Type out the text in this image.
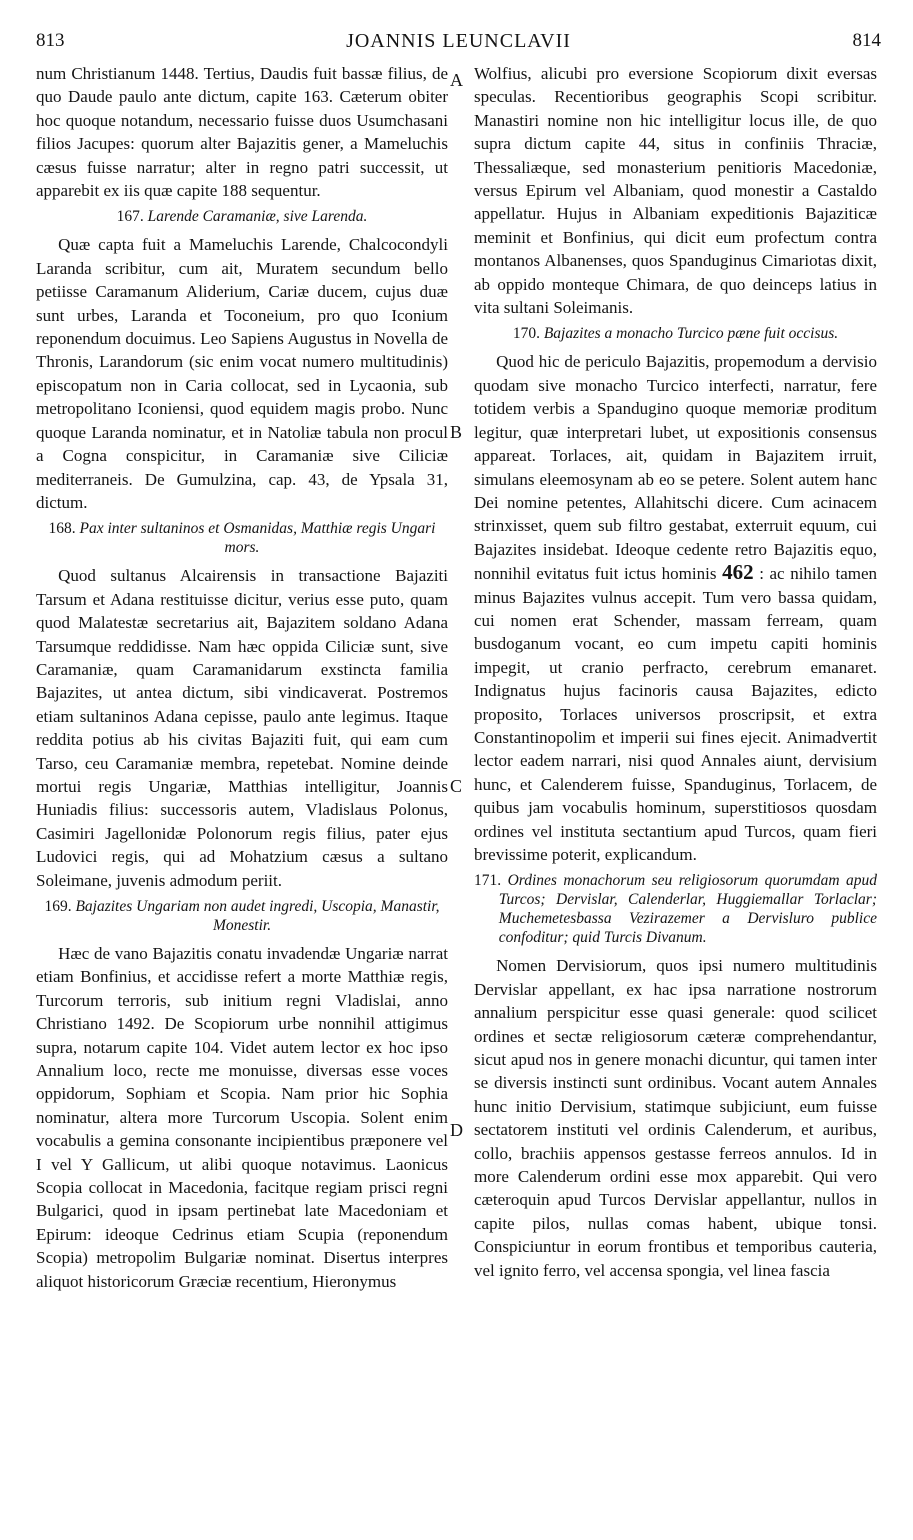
813	JOANNIS LEUNCLAVII	814
A
B
C
D

num Christianum 1448. Tertius, Daudis fuit bassæ filius, de quo Daude paulo ante dictum, capite 163. Cæterum obiter hoc quoque notandum, necessario fuisse duos Usumchasani filios Jacupes: quorum alter Bajazitis gener, a Mameluchis cæsus fuisse narratur; alter in regno patri successit, ut apparebit ex iis quæ capite 188 sequentur.

167. Larende Caramaniæ, sive Larenda.

Quæ capta fuit a Mameluchis Larende, Chalcocondyli Laranda scribitur, cum ait, Muratem secundum bello petiisse Caramanum Aliderium, Cariæ ducem, cujus duæ sunt urbes, Laranda et Toconeium, pro quo Iconium reponendum docuimus. Leo Sapiens Augustus in Novella de Thronis, Larandorum (sic enim vocat numero multitudinis) episcopatum non in Caria collocat, sed in Lycaonia, sub metropolitano Iconiensi, quod equidem magis probo. Nunc quoque Laranda nominatur, et in Natoliæ tabula non procul a Cogna conspicitur, in Caramaniæ sive Ciliciæ mediterraneis. De Gumulzina, cap. 43, de Ypsala 31, dictum.

168. Pax inter sultaninos et Osmanidas, Matthiæ regis Ungari mors.

Quod sultanus Alcairensis in transactione Bajaziti Tarsum et Adana restituisse dicitur, verius esse puto, quam quod Malatestæ secretarius ait, Bajazitem soldano Adana Tarsumque reddidisse. Nam hæc oppida Ciliciæ sunt, sive Caramaniæ, quam Caramanidarum exstincta familia Bajazites, ut antea dictum, sibi vindicaverat. Postremos etiam sultaninos Adana cepisse, paulo ante legimus. Itaque reddita potius ab his civitas Bajaziti fuit, qui eam cum Tarso, ceu Caramaniæ membra, repetebat. Nomine deinde mortui regis Ungariæ, Matthias intelligitur, Joannis Huniadis filius: successoris autem, Vladislaus Polonus, Casimiri Jagellonidæ Polonorum regis filius, pater ejus Ludovici regis, qui ad Mohatzium cæsus a sultano Soleimane, juvenis admodum periit.

169. Bajazites Ungariam non audet ingredi, Uscopia, Manastir, Monestir.

Hæc de vano Bajazitis conatu invadendæ Ungariæ narrat etiam Bonfinius, et accidisse refert a morte Matthiæ regis, Turcorum terroris, sub initium regni Vladislai, anno Christiano 1492. De Scopiorum urbe nonnihil attigimus supra, notarum capite 104. Videt autem lector ex hoc ipso Annalium loco, recte me monuisse, diversas esse voces oppidorum, Sophiam et Scopia. Nam prior hic Sophia nominatur, altera more Turcorum Uscopia. Solent enim vocabulis a gemina consonante incipientibus præponere vel I vel Y Gallicum, ut alibi quoque notavimus. Laonicus Scopia collocat in Macedonia, facitque regiam prisci regni Bulgarici, quod in ipsam pertinebat late Macedoniam et Epirum: ideoque Cedrinus etiam Scupia (reponendum Scopia) metropolim Bulgariæ nominat. Disertus interpres aliquot historicorum Græciæ recentium, Hieronymus

Wolfius, alicubi pro eversione Scopiorum dixit eversas speculas. Recentioribus geographis Scopi scribitur. Manastiri nomine non hic intelligitur locus ille, de quo supra dictum capite 44, situs in confiniis Thraciæ, Thessaliæque, sed monasterium penitioris Macedoniæ, versus Epirum vel Albaniam, quod monestir a Castaldo appellatur. Hujus in Albaniam expeditionis Bajaziticæ meminit et Bonfinius, qui dicit eum profectum contra montanos Albanenses, quos Spanduginus Cimariotas dixit, ab oppido monteque Chimara, de quo deinceps latius in vita sultani Soleimanis.

170. Bajazites a monacho Turcico pæne fuit occisus.

Quod hic de periculo Bajazitis, propemodum a dervisio quodam sive monacho Turcico interfecti, narratur, fere totidem verbis a Spandugino quoque memoriæ proditum legitur, quæ interpretari lubet, ut expositionis consensus appareat. Torlaces, ait, quidam in Bajazitem irruit, simulans eleemosynam ab eo se petere. Solent autem hanc Dei nomine petentes, Allahitschi dicere. Cum acinacem strinxisset, quem sub filtro gestabat, exterruit equum, cui Bajazites insidebat. Ideoque cedente retro Bajazitis equo, nonnihil evitatus fuit ictus hominis 462 : ac nihilo tamen minus Bajazites vulnus accepit. Tum vero bassa quidam, cui nomen erat Schender, massam ferream, quam busdoganum vocant, eo cum impetu capiti hominis impegit, ut cranio perfracto, cerebrum emanaret. Indignatus hujus facinoris causa Bajazites, edicto proposito, Torlaces universos proscripsit, et extra Constantinopolim et imperii sui fines ejecit. Animadvertit lector eadem narrari, nisi quod Annales aiunt, dervisium hunc, et Calenderem fuisse, Spanduginus, Torlacem, de quibus jam vocabulis hominum, superstitiosos quosdam ordines vel instituta sectantium apud Turcos, quam fieri brevissime poterit, explicandum.

171. Ordines monachorum seu religiosorum quorumdam apud Turcos; Dervislar, Calenderlar, Huggiemallar Torlaclar; Muchemetesbassa Vezirazemer a Dervisluro publice confoditur; quid Turcis Divanum.

Nomen Dervisiorum, quos ipsi numero multitudinis Dervislar appellant, ex hac ipsa narratione nostrorum annalium perspicitur esse quasi generale: quod scilicet ordines et sectæ religiosorum cæteræ comprehendantur, sicut apud nos in genere monachi dicuntur, qui tamen inter se diversis instincti sunt ordinibus. Vocant autem Annales hunc initio Dervisium, statimque subjiciunt, eum fuisse sectatorem instituti vel ordinis Calenderum, et auribus, collo, brachiis appensos gestasse ferreos annulos. Id in more Calenderum ordini esse mox apparebit. Qui vero cæteroquin apud Turcos Dervislar appellantur, nullos in capite pilos, nullas comas habent, ubique tonsi. Conspiciuntur in eorum frontibus et temporibus cauteria, vel ignito ferro, vel accensa spongia, vel linea fascia
